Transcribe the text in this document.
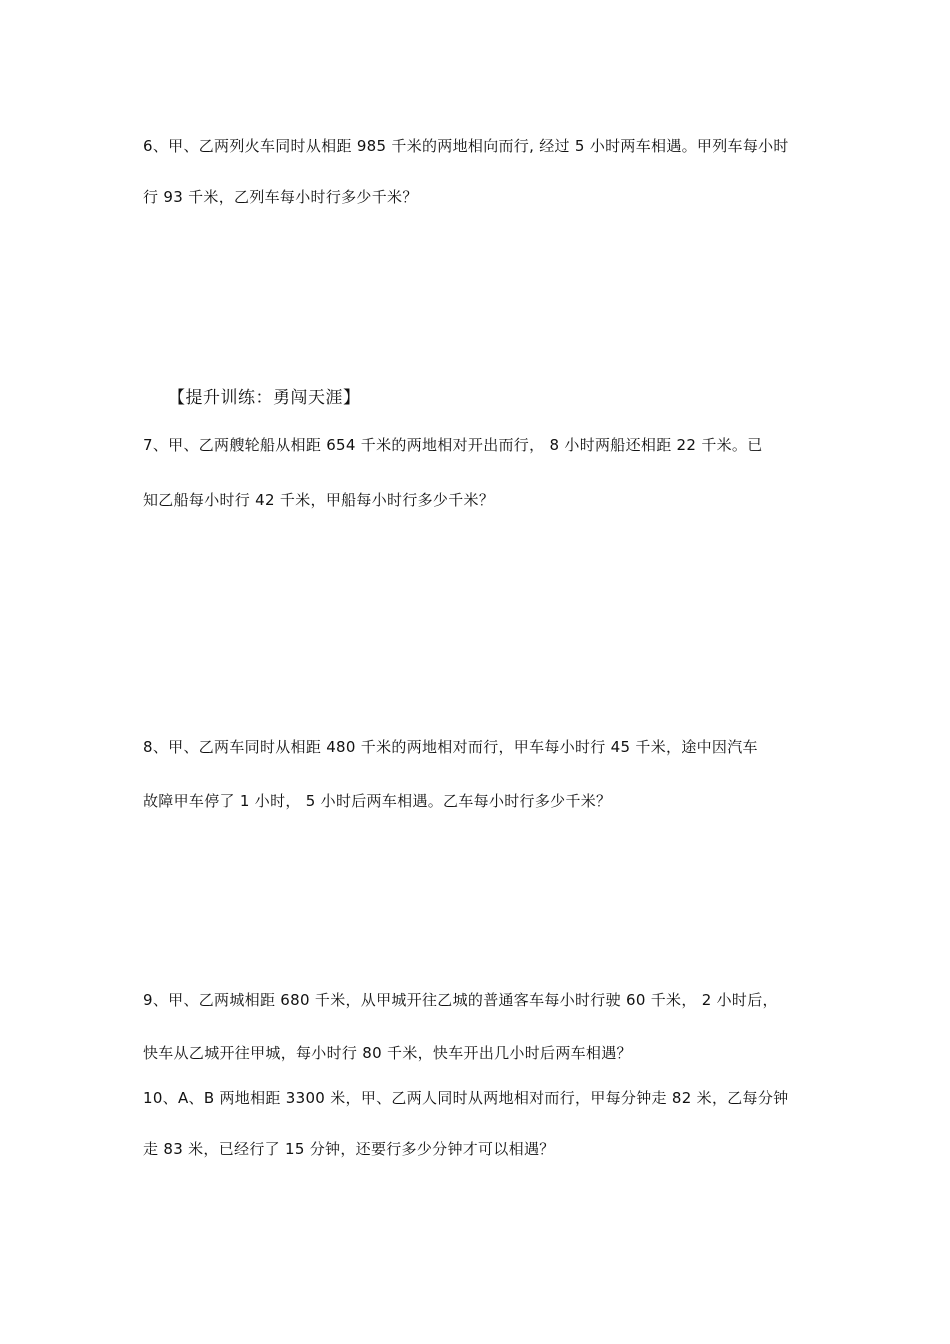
6、甲、乙两列火车同时从相距 985 千米的两地相向而行, 经过 5 小时两车相遇。甲列车每小时
行 93 千米，乙列车每小时行多少千米？
【提升训练：勇闯天涯】
7、甲、乙两艘轮船从相距 654 千米的两地相对开出而行， 8 小时两船还相距 22 千米。已
知乙船每小时行 42 千米，甲船每小时行多少千米？
8、甲、乙两车同时从相距 480 千米的两地相对而行，甲车每小时行 45 千米，途中因汽车
故障甲车停了 1 小时， 5 小时后两车相遇。乙车每小时行多少千米？
9、甲、乙两城相距 680 千米，从甲城开往乙城的普通客车每小时行驶 60 千米， 2 小时后，
快车从乙城开往甲城，每小时行 80 千米，快车开出几小时后两车相遇？
10、A、B 两地相距 3300 米，甲、乙两人同时从两地相对而行，甲每分钟走 82 米，乙每分钟
走 83 米，已经行了 15 分钟，还要行多少分钟才可以相遇？
